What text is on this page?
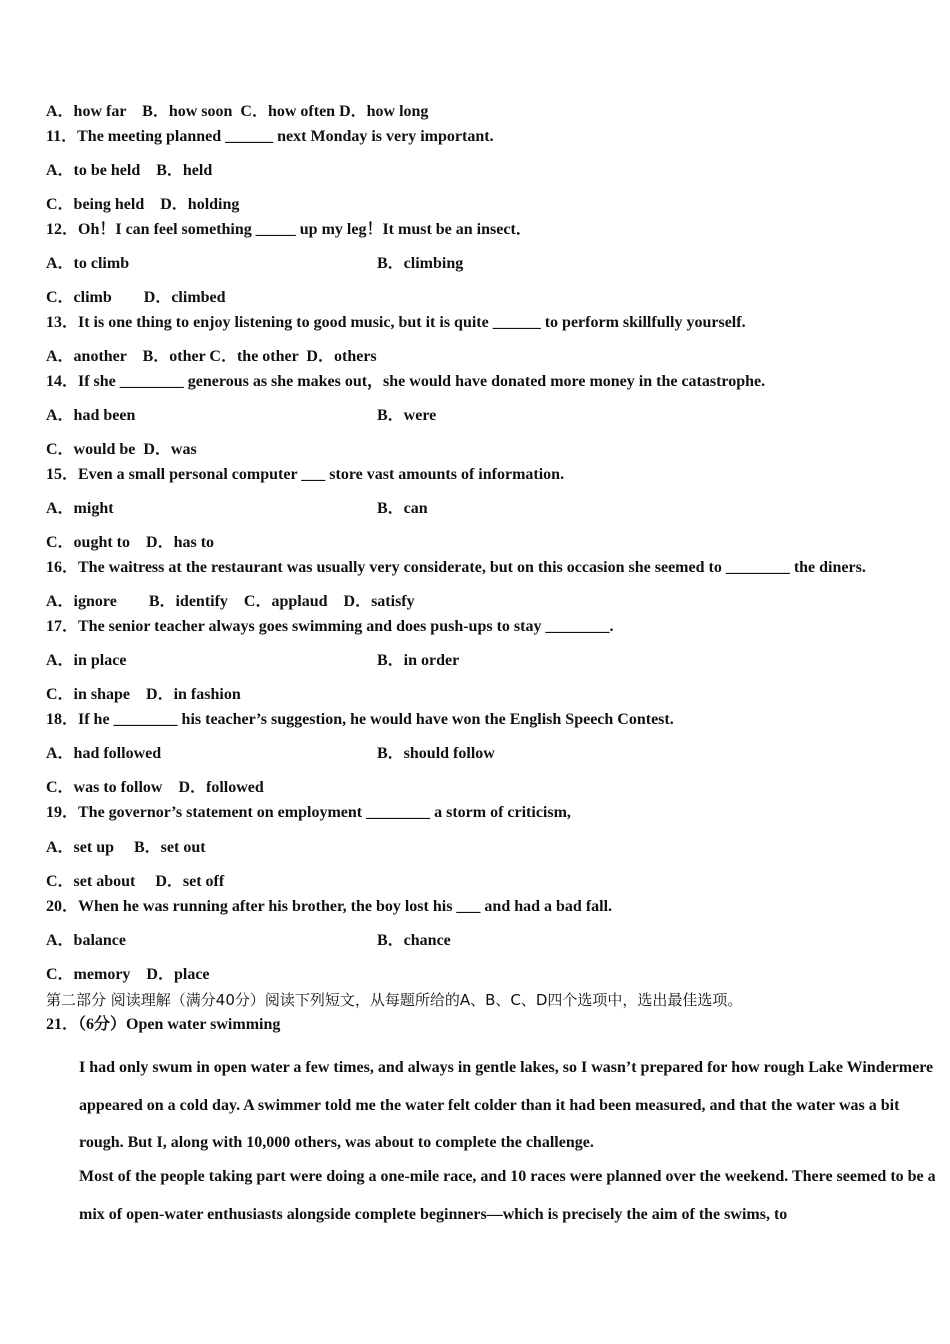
A．how far　B．how soon  C．how often D．how long
11．The meeting planned ______ next Monday is very important.
A．to be held　B．held
C．being held　D．holding
12．Oh！I can feel something _____ up my leg！It must be an insect．
A．to climb	B．climbing
C．climb　　D．climbed
13．It is one thing to enjoy listening to good music, but it is quite ______ to perform skillfully yourself.
A．another　B．other C．the other  D．others
14．If she ________ generous as she makes out，she would have donated more money in the catastrophe.
A．had been	B．were
C．would be  D．was
15．Even a small personal computer ___ store vast amounts of information.
A．might	B．can
C．ought to　D．has to
16．The waitress at the restaurant was usually very considerate, but on this occasion she seemed to ________ the diners.
A．ignore　　B．identify　C．applaud　D．satisfy
17．The senior teacher always goes swimming and does push-ups to stay ________.
A．in place	B．in order
C．in shape　D．in fashion
18．If he ________ his teacher’s suggestion, he would have won the English Speech Contest.
A．had followed	B．should follow
C．was to follow　D．followed
19．The governor’s statement on employment ________ a storm of criticism,
A．set up　 B．set out
C．set about　 D．set off
20．When he was running after his brother, the boy lost his ___ and had a bad fall.
A．balance	B．chance
C．memory　D．place
第二部分 阅读理解（满分40分）阅读下列短文，从每题所给的A、B、C、D四个选项中，选出最佳选项。
21．（6分）Open water swimming
I had only swum in open water a few times, and always in gentle lakes, so I wasn’t prepared for how rough Lake Windermere appeared on a cold day. A swimmer told me the water felt colder than it had been measured, and that the water was a bit rough. But I, along with 10,000 others, was about to complete the challenge.
Most of the people taking part were doing a one-mile race, and 10 races were planned over the weekend. There seemed to be a mix of open-water enthusiasts alongside complete beginners—which is precisely the aim of the swims, to
